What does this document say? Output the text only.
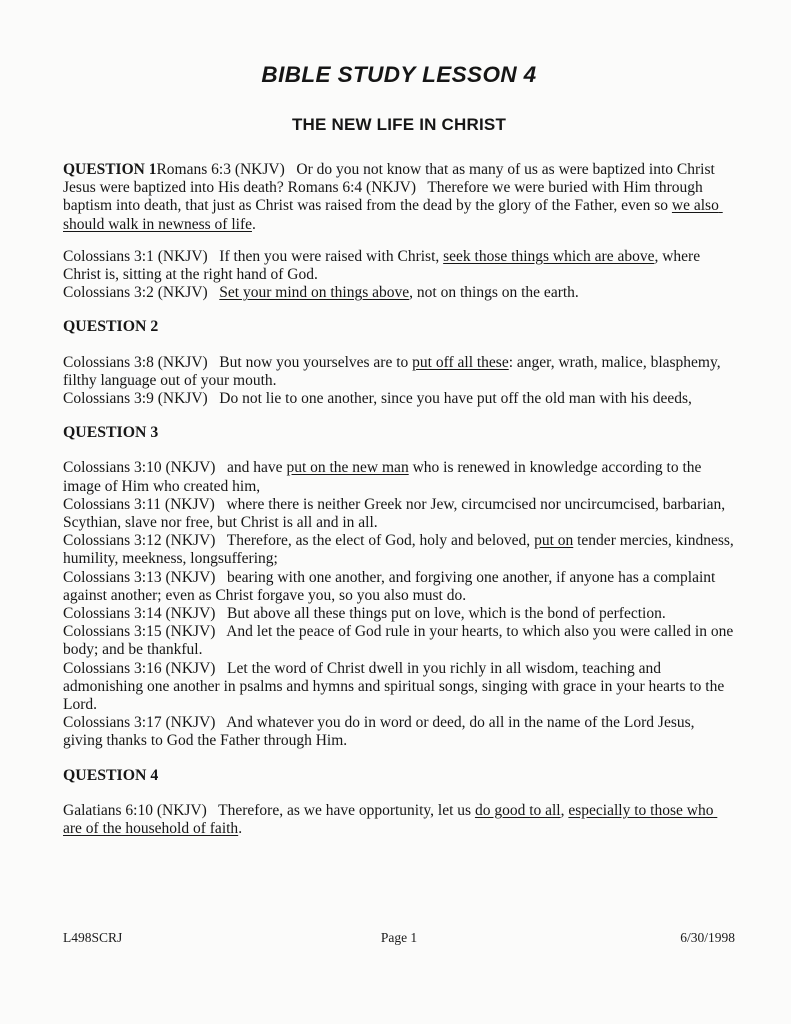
BIBLE STUDY LESSON 4
THE NEW LIFE IN CHRIST
QUESTION 1Romans 6:3 (NKJV)   Or do you not know that as many of us as were baptized into Christ Jesus were baptized into His death? Romans 6:4 (NKJV)   Therefore we were buried with Him through baptism into death, that just as Christ was raised from the dead by the glory of the Father, even so we also should walk in newness of life.
Colossians 3:1 (NKJV)   If then you were raised with Christ, seek those things which are above, where Christ is, sitting at the right hand of God.
Colossians 3:2 (NKJV)   Set your mind on things above, not on things on the earth.
QUESTION 2
Colossians 3:8 (NKJV)   But now you yourselves are to put off all these: anger, wrath, malice, blasphemy, filthy language out of your mouth.
Colossians 3:9 (NKJV)   Do not lie to one another, since you have put off the old man with his deeds,
QUESTION 3
Colossians 3:10 (NKJV)   and have put on the new man who is renewed in knowledge according to the image of Him who created him,
Colossians 3:11 (NKJV)   where there is neither Greek nor Jew, circumcised nor uncircumcised, barbarian, Scythian, slave nor free, but Christ is all and in all.
Colossians 3:12 (NKJV)   Therefore, as the elect of God, holy and beloved, put on tender mercies, kindness, humility, meekness, longsuffering;
Colossians 3:13 (NKJV)   bearing with one another, and forgiving one another, if anyone has a complaint against another; even as Christ forgave you, so you also must do.
Colossians 3:14 (NKJV)   But above all these things put on love, which is the bond of perfection.
Colossians 3:15 (NKJV)   And let the peace of God rule in your hearts, to which also you were called in one body; and be thankful.
Colossians 3:16 (NKJV)   Let the word of Christ dwell in you richly in all wisdom, teaching and admonishing one another in psalms and hymns and spiritual songs, singing with grace in your hearts to the Lord.
Colossians 3:17 (NKJV)   And whatever you do in word or deed, do all in the name of the Lord Jesus, giving thanks to God the Father through Him.
QUESTION 4
Galatians 6:10 (NKJV)   Therefore, as we have opportunity, let us do good to all, especially to those who are of the household of faith.
L498SCRJ	Page 1	6/30/1998
